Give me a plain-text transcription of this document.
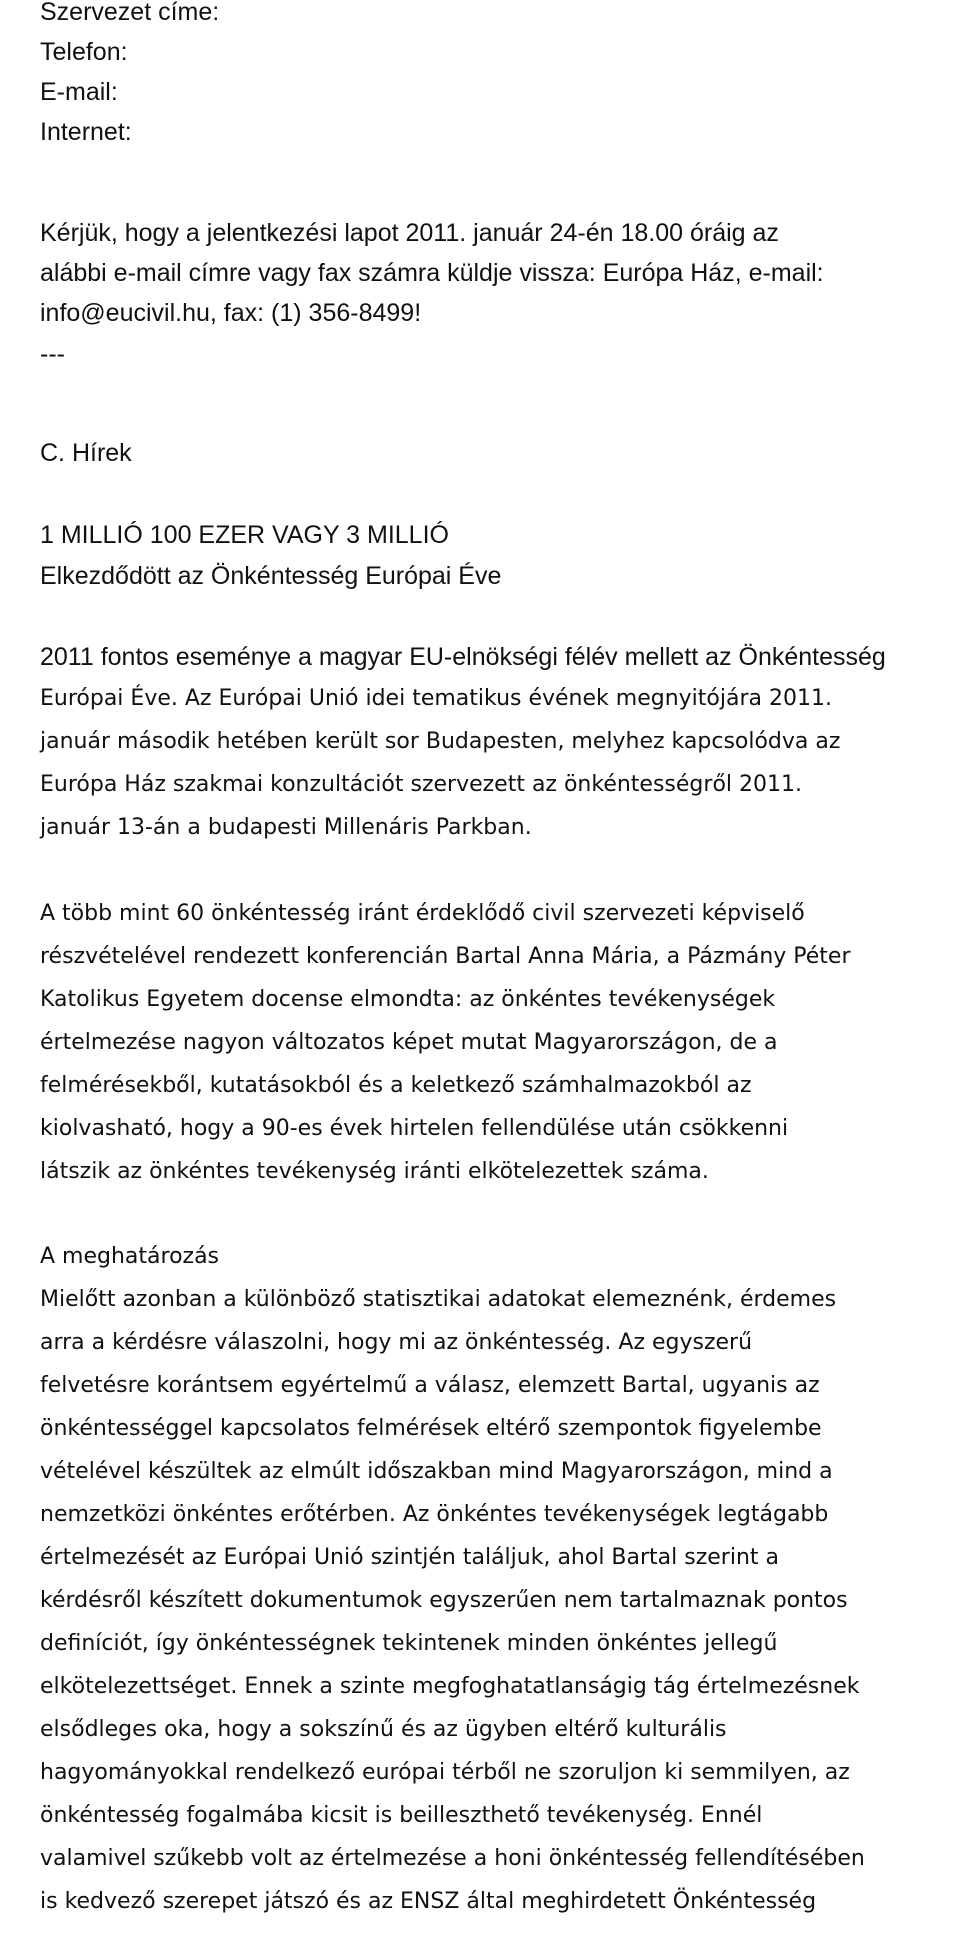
Szervezet címe:
Telefon:
E-mail:
Internet:
Kérjük, hogy a jelentkezési lapot 2011. január 24-én 18.00 óráig az
alábbi e-mail címre vagy fax számra küldje vissza: Európa Ház, e-mail:
info@eucivil.hu, fax: (1) 356-8499!
---
C. Hírek
1 MILLIÓ 100 EZER VAGY 3 MILLIÓ
Elkezdődött az Önkéntesség Európai Éve
2011 fontos eseménye a magyar EU-elnökségi félév mellett az Önkéntesség
Európai Éve. Az Európai Unió idei tematikus évének megnyitójára 2011.
január második hetében került sor Budapesten, melyhez kapcsolódva az
Európa Ház szakmai konzultációt szervezett az önkéntességről 2011.
január 13-án a budapesti Millenáris Parkban.
A több mint 60 önkéntesség iránt érdeklődő civil szervezeti képviselő
részvételével rendezett konferencián Bartal Anna Mária, a Pázmány Péter
Katolikus Egyetem docense elmondta: az önkéntes tevékenységek
értelmezése nagyon változatos képet mutat Magyarországon, de a
felmérésekből, kutatásokból és a keletkező számhalmazokból az
kiolvasható, hogy a 90-es évek hirtelen fellendülése után csökkenni
látszik az önkéntes tevékenység iránti elkötelezettek száma.
A meghatározás
Mielőtt azonban a különböző statisztikai adatokat elemeznénk, érdemes
arra a kérdésre válaszolni, hogy mi az önkéntesség. Az egyszerű
felvetésre korántsem egyértelmű a válasz, elemzett Bartal, ugyanis az
önkéntességgel kapcsolatos felmérések eltérő szempontok figyelembe
vételével készültek az elmúlt időszakban mind Magyarországon, mind a
nemzetközi önkéntes erőtérben. Az önkéntes tevékenységek legtágabb
értelmezését az Európai Unió szintjén találjuk, ahol Bartal szerint a
kérdésről készített dokumentumok egyszerűen nem tartalmaznak pontos
definíciót, így önkéntességnek tekintenek minden önkéntes jellegű
elkötelezettséget. Ennek a szinte megfoghatatlanságig tág értelmezésnek
elsődleges oka, hogy a sokszínű és az ügyben eltérő kulturális
hagyományokkal rendelkező európai térből ne szoruljon ki semmilyen, az
önkéntesség fogalmába kicsit is beilleszthető tevékenység. Ennél
valamivel szűkebb volt az értelmezése a honi önkéntesség fellendítésében
is kedvező szerepet játszó és az ENSZ által meghirdetett Önkéntesség
